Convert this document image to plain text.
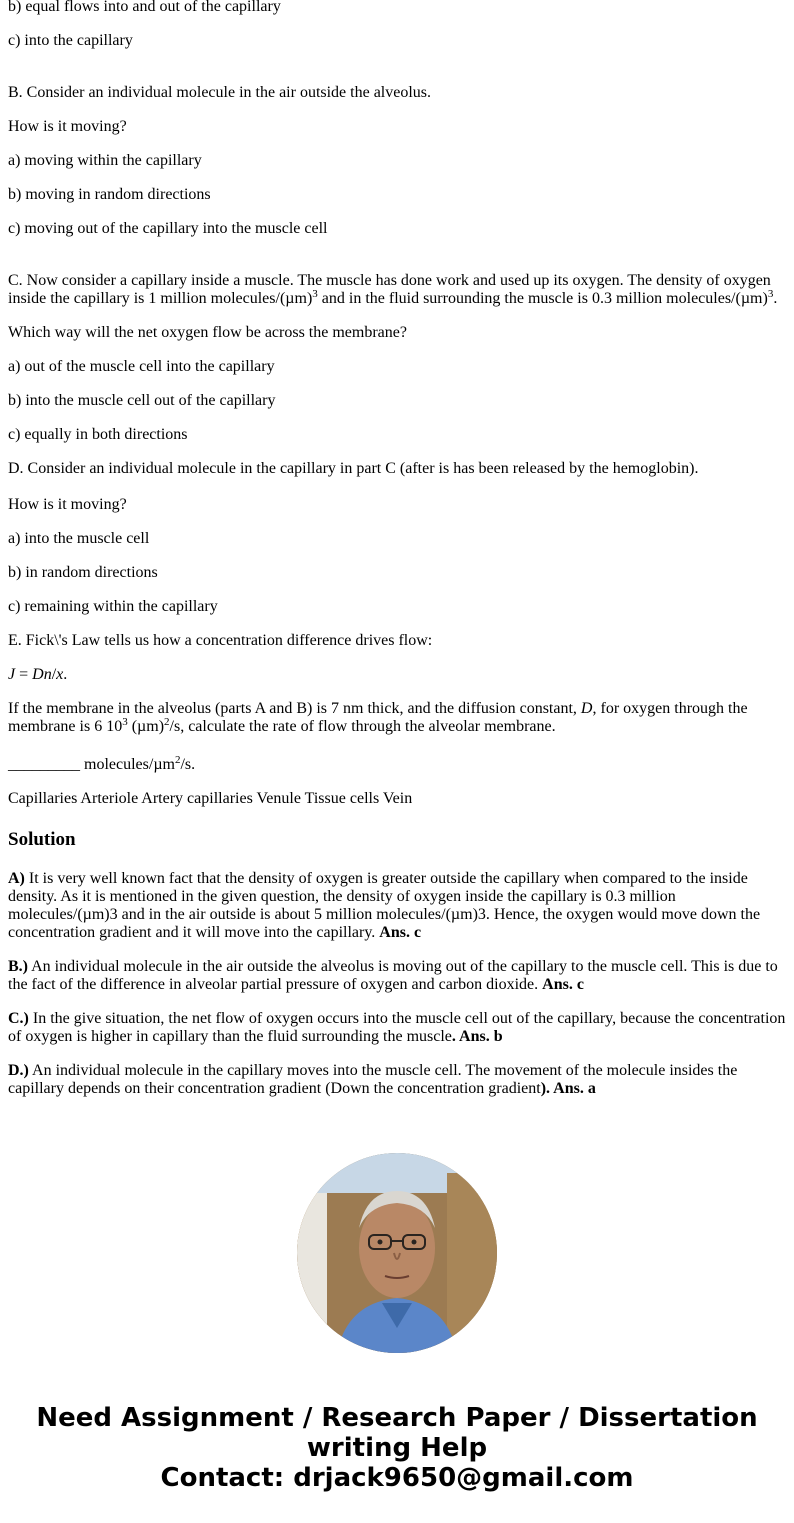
b) equal flows into and out of the capillary

c) into the capillary

B. Consider an individual molecule in the air outside the alveolus.

How is it moving?

a) moving within the capillary

b) moving in random directions

c) moving out of the capillary into the muscle cell

C. Now consider a capillary inside a muscle. The muscle has done work and used up its oxygen. The density of oxygen inside the capillary is 1 million molecules/$(\mu m)^3$ and in the fluid surrounding the muscle is 0.3 million molecules/$(\mu m)^3$.

Which way will the net oxygen flow be across the membrane?

a) out of the muscle cell into the capillary

b) into the muscle cell out of the capillary

c) equally in both directions

D. Consider an individual molecule in the capillary in part C (after is has been released by the hemoglobin).

How is it moving?

a) into the muscle cell

b) in random directions

c) remaining within the capillary

E. Fick\'s Law tells us how a concentration difference drives flow:

J = Dn/x.

If the membrane in the alveolus (parts A and B) is 7 nm thick, and the diffusion constant, D, for oxygen through the membrane is 6 $10^3$ $(\mu m)^2/s$, calculate the rate of flow through the alveolar membrane.

_________ molecules/µm$^2$/s.

Capillaries Arteriole Artery capillaries Venule Tissue cells Vein

Solution

A) It is very well known fact that the density of oxygen is greater outside the capillary when compared to the inside density. As it is mentioned in the given question, the density of oxygen inside the capillary is 0.3 million molecules/(µm)3 and in the air outside is about 5 million molecules/(µm)3. Hence, the oxygen would move down the concentration gradient and it will move into the capillary. Ans. c

B.) An individual molecule in the air outside the alveolus is moving out of the capillary to the muscle cell. This is due to the fact of the difference in alveolar partial pressure of oxygen and carbon dioxide. Ans. c

C.) In the give situation, the net flow of oxygen occurs into the muscle cell out of the capillary, because the concentration of oxygen is higher in capillary than the fluid surrounding the muscle. Ans. b

D.) An individual molecule in the capillary moves into the muscle cell. The movement of the molecule insides the capillary depends on their concentration gradient (Down the concentration gradient). Ans. a

Need Assignment / Research Paper / Dissertation
writing Help
Contact: drjack9650@gmail.com
